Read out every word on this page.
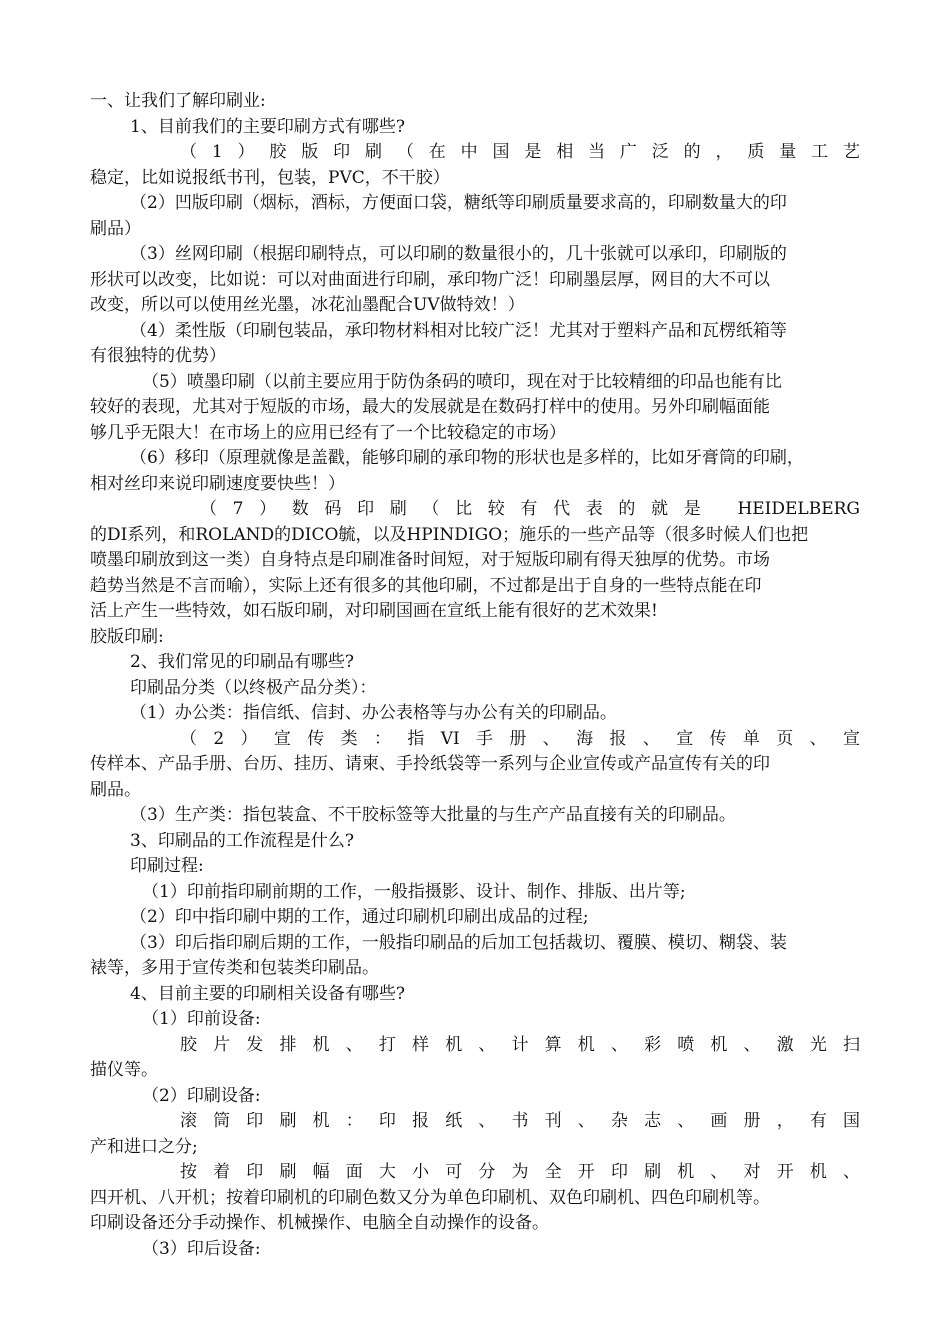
一、让我们了解印刷业:
1、目前我们的主要印刷方式有哪些?
（1）胶版印刷（在中国是相当广泛的，质量工艺
稳定，比如说报纸书刊，包装，PVC，不干胶）
（2）凹版印刷（烟标，酒标，方便面口袋，糖纸等印刷质量要求高的，印刷数量大的印
刷品）
（3）丝网印刷（根据印刷特点，可以印刷的数量很小的，几十张就可以承印，印刷版的
形状可以改变，比如说：可以对曲面进行印刷，承印物广泛！印刷墨层厚，网目的大不可以
改变，所以可以使用丝光墨，冰花汕墨配合UV做特效！）
（4）柔性版（印刷包装品，承印物材料相对比较广泛！尤其对于塑料产品和瓦楞纸箱等
有很独特的优势）
（5）喷墨印刷（以前主要应用于防伪条码的喷印，现在对于比较精细的印品也能有比
较好的表现，尤其对于短版的市场，最大的发展就是在数码打样中的使用。另外印刷幅面能
够几乎无限大！在市场上的应用已经有了一个比较稳定的市场）
（6）移印（原理就像是盖戳，能够印刷的承印物的形状也是多样的，比如牙膏筒的印刷，
相对丝印来说印刷速度要快些！）
（7）数码印刷（比较有代表的就是 HEIDELBERG
的DI系列，和ROLAND的DICO毓，以及HPINDIGO；施乐的一些产品等（很多时候人们也把
喷墨印刷放到这一类）自身特点是印刷准备时间短，对于短版印刷有得天独厚的优势。市场
趋势当然是不言而喻），实际上还有很多的其他印刷，不过都是出于自身的一些特点能在印
活上产生一些特效，如石版印刷，对印刷国画在宣纸上能有很好的艺术效果!
胶版印刷:
2、我们常见的印刷品有哪些?
印刷品分类（以终极产品分类）：
（1）办公类：指信纸、信封、办公表格等与办公有关的印刷品。
（2）宣传类：指VI手册、海报、宣传单页、宣
传样本、产品手册、台历、挂历、请柬、手拎纸袋等一系列与企业宣传或产品宣传有关的印
刷品。
（3）生产类：指包装盒、不干胶标签等大批量的与生产产品直接有关的印刷品。
3、印刷品的工作流程是什么?
印刷过程:
（1）印前指印刷前期的工作，一般指摄影、设计、制作、排版、出片等;
（2）印中指印刷中期的工作，通过印刷机印刷出成品的过程;
（3）印后指印刷后期的工作，一般指印刷品的后加工包括裁切、覆膜、模切、糊袋、装
裱等，多用于宣传类和包装类印刷品。
4、目前主要的印刷相关设备有哪些?
（1）印前设备:
胶片发排机、打样机、计算机、彩喷机、激光扫
描仪等。
（2）印刷设备:
滚筒印刷机：印报纸、书刊、杂志、画册，有国
产和进口之分;
按着印刷幅面大小可分为全开印刷机、对开机、
四开机、八开机；按着印刷机的印刷色数又分为单色印刷机、双色印刷机、四色印刷机等。
印刷设备还分手动操作、机械操作、电脑全自动操作的设备。
（3）印后设备:
